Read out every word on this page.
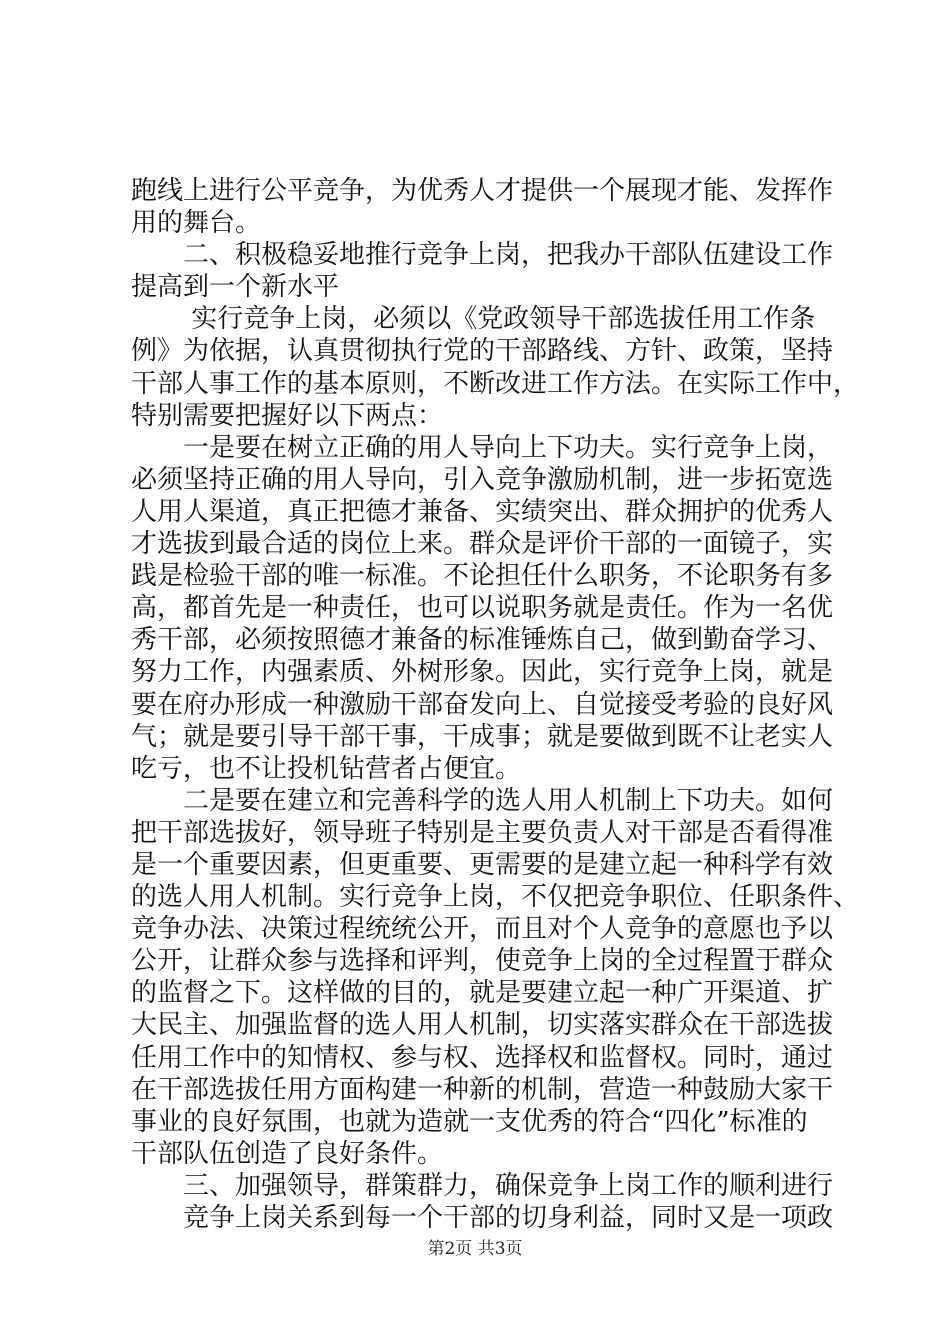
跑线上进行公平竞争，为优秀人才提供一个展现才能、发挥作
用的舞台。
　　二、积极稳妥地推行竞争上岗，把我办干部队伍建设工作
提高到一个新水平
　　 实行竞争上岗，必须以《党政领导干部选拔任用工作条
例》为依据，认真贯彻执行党的干部路线、方针、政策，坚持
干部人事工作的基本原则，不断改进工作方法。在实际工作中，
特别需要把握好以下两点：
　　一是要在树立正确的用人导向上下功夫。实行竞争上岗，
必须坚持正确的用人导向，引入竞争激励机制，进一步拓宽选
人用人渠道，真正把德才兼备、实绩突出、群众拥护的优秀人
才选拔到最合适的岗位上来。群众是评价干部的一面镜子，实
践是检验干部的唯一标准。不论担任什么职务，不论职务有多
高，都首先是一种责任，也可以说职务就是责任。作为一名优
秀干部，必须按照德才兼备的标准锤炼自己，做到勤奋学习、
努力工作，内强素质、外树形象。因此，实行竞争上岗，就是
要在府办形成一种激励干部奋发向上、自觉接受考验的良好风
气；就是要引导干部干事，干成事；就是要做到既不让老实人
吃亏，也不让投机钻营者占便宜。
　　二是要在建立和完善科学的选人用人机制上下功夫。如何
把干部选拔好，领导班子特别是主要负责人对干部是否看得准
是一个重要因素，但更重要、更需要的是建立起一种科学有效
的选人用人机制。实行竞争上岗，不仅把竞争职位、任职条件、
竞争办法、决策过程统统公开，而且对个人竞争的意愿也予以
公开，让群众参与选择和评判，使竞争上岗的全过程置于群众
的监督之下。这样做的目的，就是要建立起一种广开渠道、扩
大民主、加强监督的选人用人机制，切实落实群众在干部选拔
任用工作中的知情权、参与权、选择权和监督权。同时，通过
在干部选拔任用方面构建一种新的机制，营造一种鼓励大家干
事业的良好氛围，也就为造就一支优秀的符合“四化”标准的
干部队伍创造了良好条件。
　　三、加强领导，群策群力，确保竞争上岗工作的顺利进行
　　竞争上岗关系到每一个干部的切身利益，同时又是一项政
第2页 共3页
